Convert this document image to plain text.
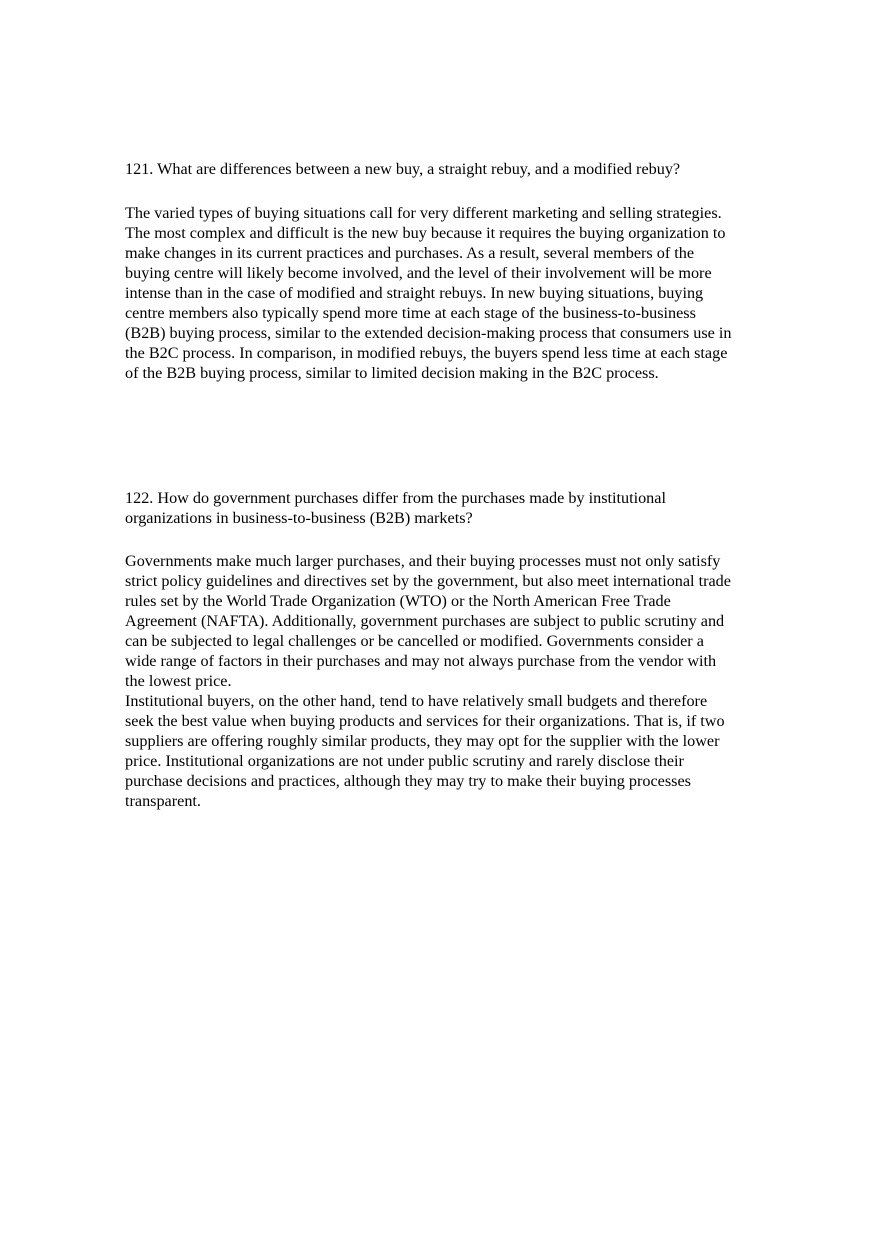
121. What are differences between a new buy, a straight rebuy, and a modified rebuy?
The varied types of buying situations call for very different marketing and selling strategies.
The most complex and difficult is the new buy because it requires the buying organization to
make changes in its current practices and purchases. As a result, several members of the
buying centre will likely become involved, and the level of their involvement will be more
intense than in the case of modified and straight rebuys. In new buying situations, buying
centre members also typically spend more time at each stage of the business-to-business
(B2B) buying process, similar to the extended decision-making process that consumers use in
the B2C process. In comparison, in modified rebuys, the buyers spend less time at each stage
of the B2B buying process, similar to limited decision making in the B2C process.
122. How do government purchases differ from the purchases made by institutional
organizations in business-to-business (B2B) markets?
Governments make much larger purchases, and their buying processes must not only satisfy
strict policy guidelines and directives set by the government, but also meet international trade
rules set by the World Trade Organization (WTO) or the North American Free Trade
Agreement (NAFTA). Additionally, government purchases are subject to public scrutiny and
can be subjected to legal challenges or be cancelled or modified. Governments consider a
wide range of factors in their purchases and may not always purchase from the vendor with
the lowest price.
Institutional buyers, on the other hand, tend to have relatively small budgets and therefore
seek the best value when buying products and services for their organizations. That is, if two
suppliers are offering roughly similar products, they may opt for the supplier with the lower
price. Institutional organizations are not under public scrutiny and rarely disclose their
purchase decisions and practices, although they may try to make their buying processes
transparent.
